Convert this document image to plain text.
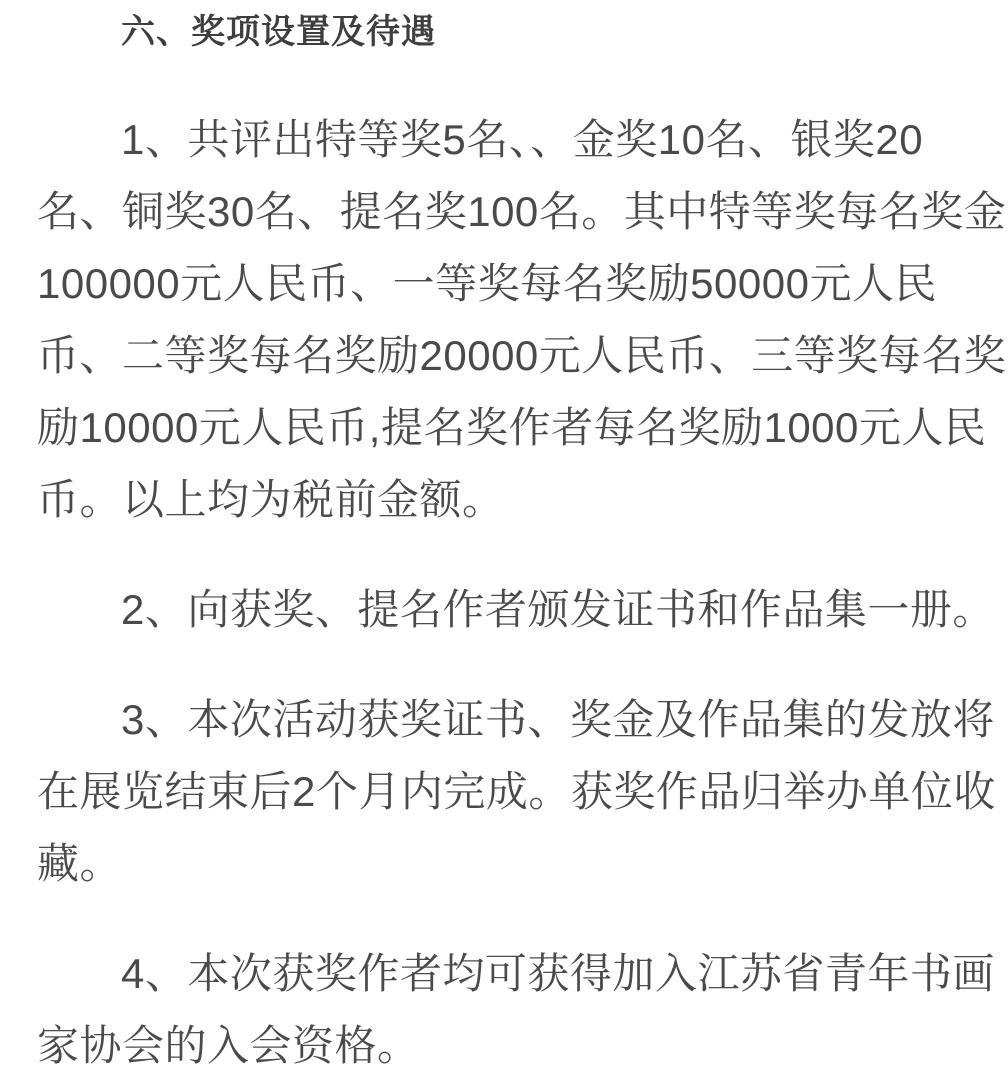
六、奖项设置及待遇
1、共评出特等奖5名、、金奖10名、银奖20
名、铜奖30名、提名奖100名。其中特等奖每名奖金
100000元人民币、一等奖每名奖励50000元人民
币、二等奖每名奖励20000元人民币、三等奖每名奖
励10000元人民币,提名奖作者每名奖励1000元人民
币。以上均为税前金额。
2、向获奖、提名作者颁发证书和作品集一册。
3、本次活动获奖证书、奖金及作品集的发放将
在展览结束后2个月内完成。获奖作品归举办单位收
藏。
4、本次获奖作者均可获得加入江苏省青年书画
家协会的入会资格。
